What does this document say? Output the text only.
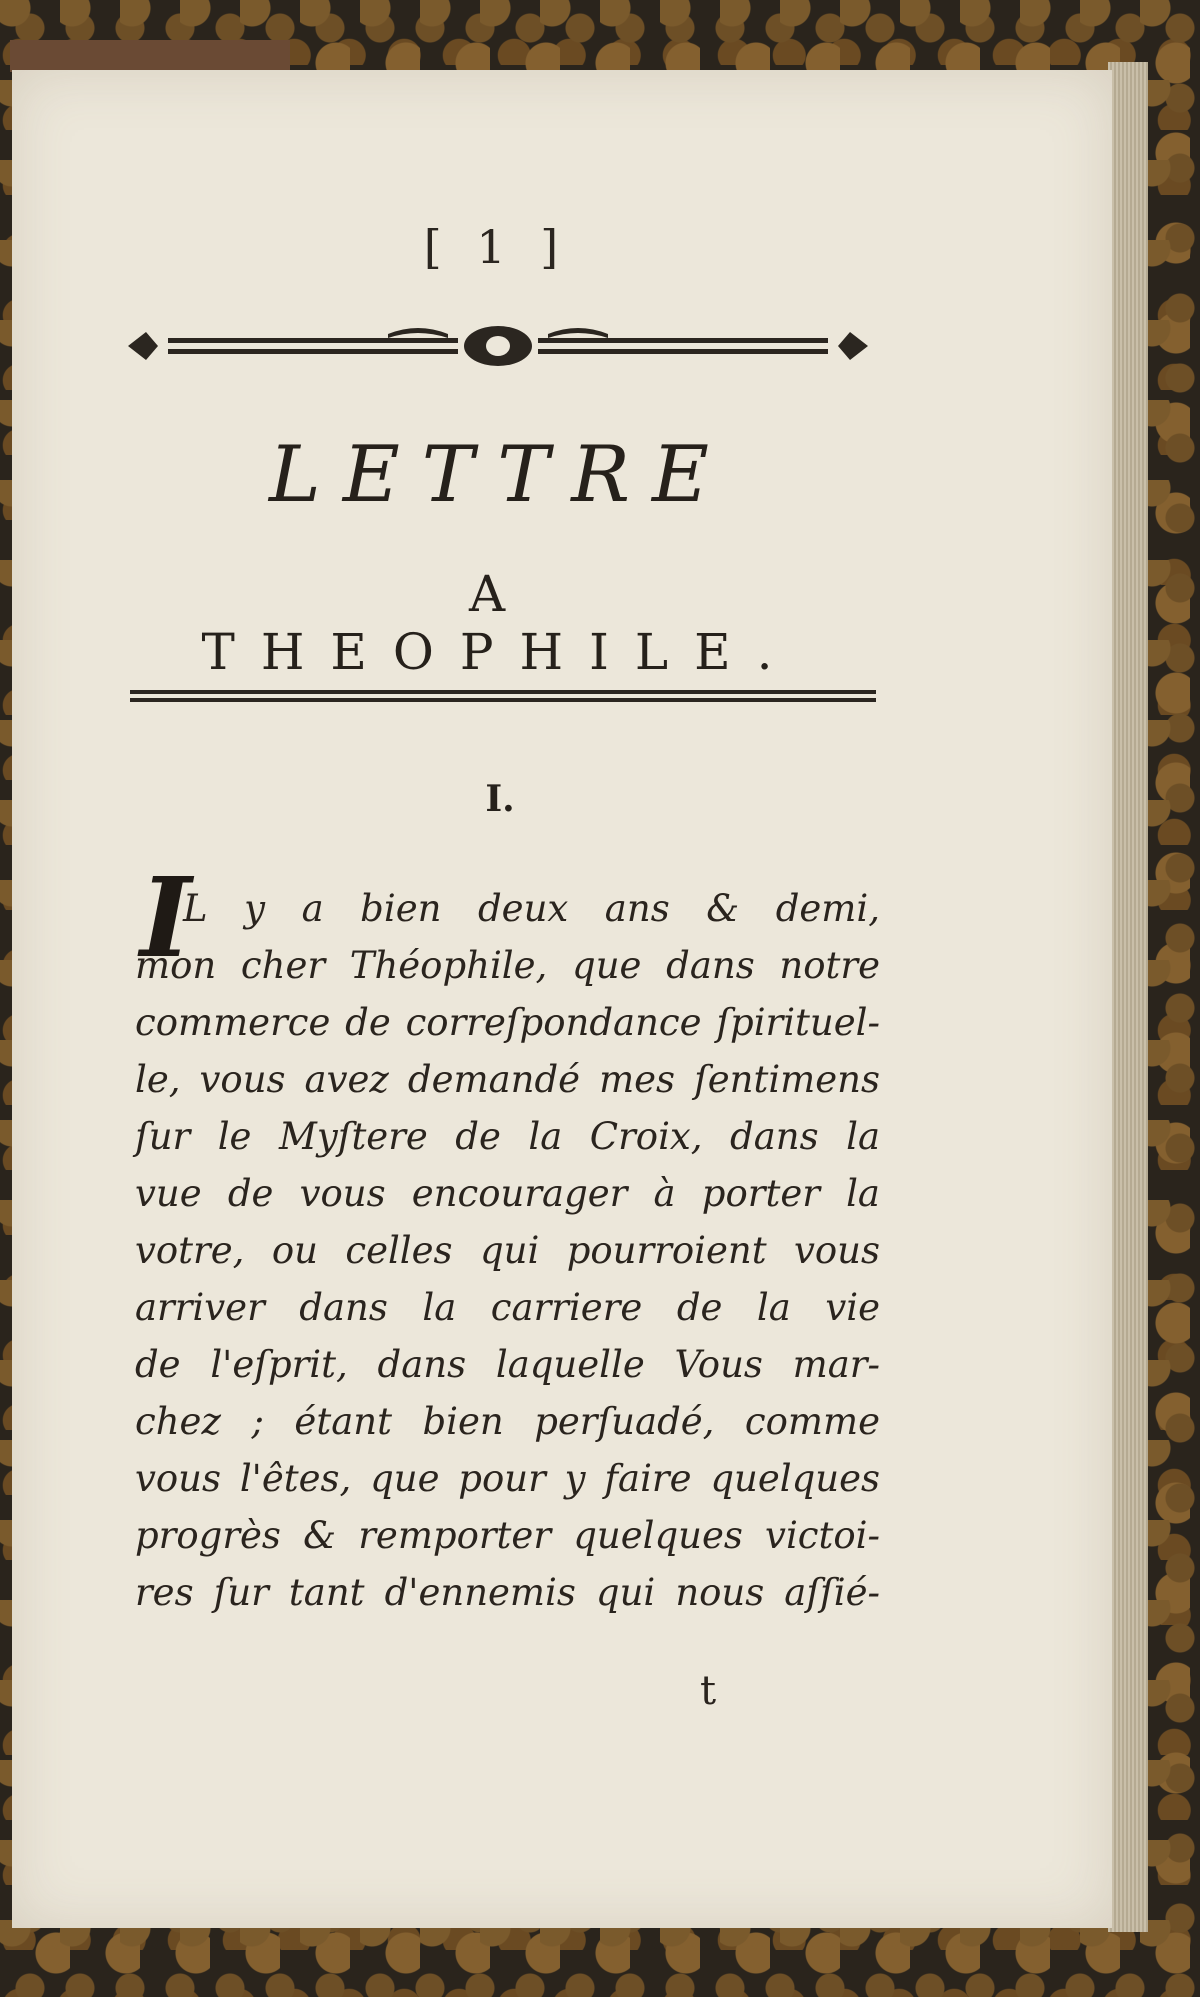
[ 1 ]
LETTRE
A THEOPHILE.
I.
I
L y a bien deux ans & demi,
mon cher Théophile, que dans notre
commerce de correſpondance ſpirituel-
le, vous avez demandé mes ſentimens
ſur le Myſtere de la Croix, dans la
vue de vous encourager à porter la
votre, ou celles qui pourroient vous
arriver dans la carriere de la vie
de l'eſprit, dans laquelle Vous mar-
chez ; étant bien perſuadé, comme
vous l'êtes, que pour y faire quelques
progrès & remporter quelques victoi-
res ſur tant d'ennemis qui nous aſſié-
t
